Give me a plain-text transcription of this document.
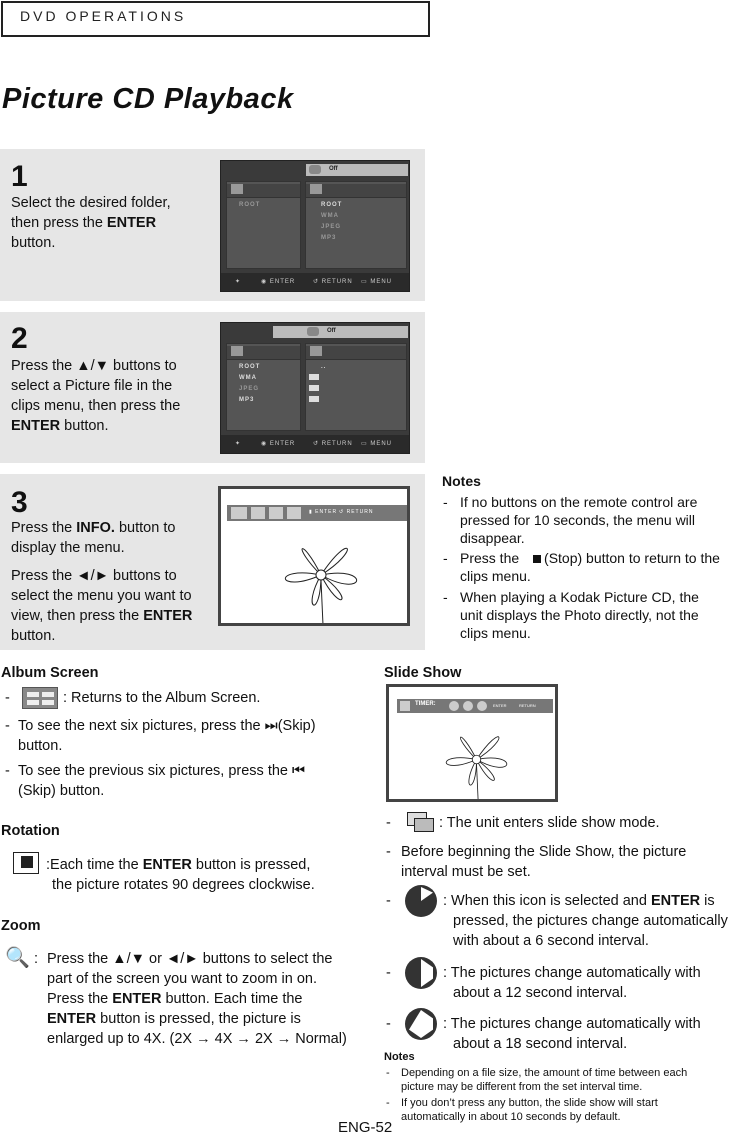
DVD OPERATIONS
Picture CD Playback
1
Select the desired folder,
then press the ENTER
button.
Off
ROOT	ROOT
WMA
JPEG
MP3
✦	◉ ENTER	↺ RETURN ▭ MENU
2
Press the ▲/▼ buttons to
select a Picture file in the
clips menu, then press the
ENTER button.
Off
ROOT
WMA
JPEG
MP3
..
✦	◉ ENTER	↺ RETURN ▭ MENU
3
Press the INFO. button to
display the menu.
Press the ◄/► buttons to
select the menu you want to
view, then press the ENTER
button.
▮ ENTER ↺ RETURN
Notes
- If no buttons on the remote control are
pressed for 10 seconds, the menu will
disappear.
- Press the (Stop) button to return to the
clips menu.
- When playing a Kodak Picture CD, the
unit displays the Photo directly, not the
clips menu.
Album Screen
-	: Returns to the Album Screen.
- To see the next six pictures, press the ⏭(Skip)
button.
- To see the previous six pictures, press the ⏮
(Skip) button.
Rotation
:Each time the ENTER button is pressed,
the picture rotates 90 degrees clockwise.
Zoom
🔍 : Press the ▲/▼ or ◄/► buttons to select the
part of the screen you want to zoom in on.
Press the ENTER button. Each time the
ENTER button is pressed, the picture is
enlarged up to 4X. (2X → 4X → 2X → Normal)
Slide Show
TIMER:	ENTER	RETURN
-	: The unit enters slide show mode.
- Before beginning the Slide Show, the picture
interval must be set.
-	: When this icon is selected and ENTER is
pressed, the pictures change automatically
with about a 6 second interval.
-	: The pictures change automatically with
about a 12 second interval.
-	: The pictures change automatically with
about a 18 second interval.
Notes
- Depending on a file size, the amount of time between each
picture may be different from the set interval time.
- If you don’t press any button, the slide show will start
automatically in about 10 seconds by default.
ENG-52
